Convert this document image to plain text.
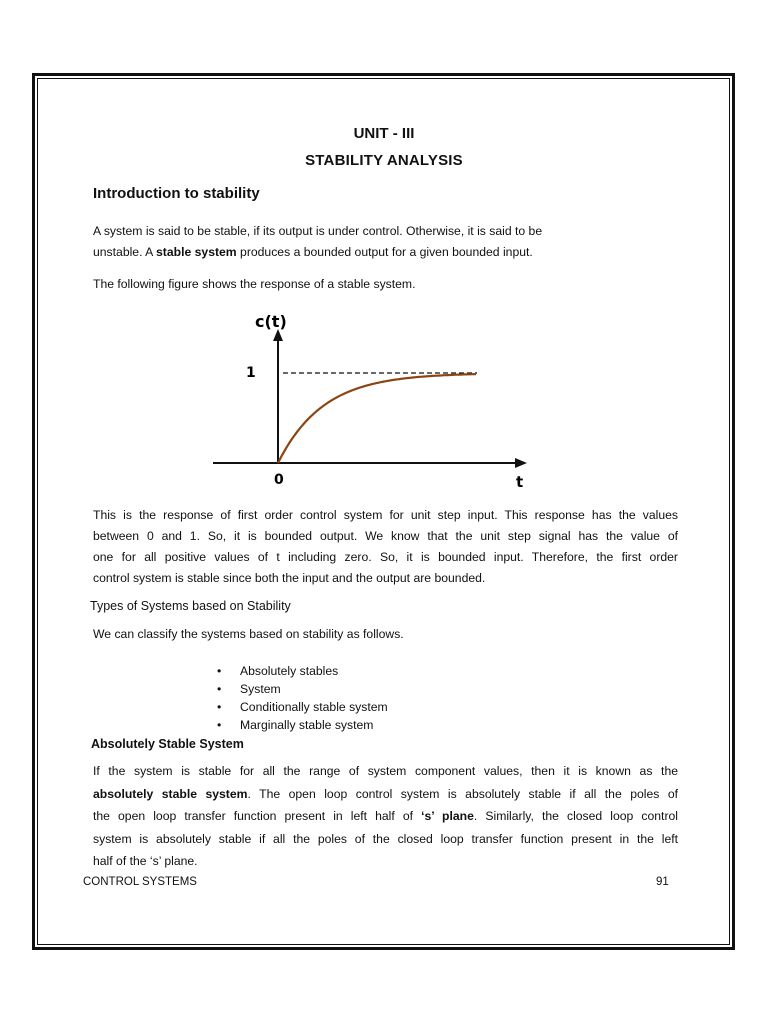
UNIT - III
STABILITY ANALYSIS
Introduction to stability
A system is said to be stable, if its output is under control. Otherwise, it is said to be
unstable. A stable system produces a bounded output for a given bounded input.
The following figure shows the response of a stable system.
c(t)
t
1
0
This is the response of first order control system for unit step input. This response has the values
between 0 and 1. So, it is bounded output. We know that the unit step signal has the value of
one for all positive values of t including zero. So, it is bounded input. Therefore, the first order
control system is stable since both the input and the output are bounded.
Types of Systems based on Stability
We can classify the systems based on stability as follows.
• Absolutely stables
• System
• Conditionally stable system
• Marginally stable system
Absolutely Stable System
If the system is stable for all the range of system component values, then it is known as the
absolutely stable system. The open loop control system is absolutely stable if all the poles of
the open loop transfer function present in left half of ‘s’ plane. Similarly, the closed loop control
system is absolutely stable if all the poles of the closed loop transfer function present in the left
half of the ‘s’ plane.
CONTROL SYSTEMS	91
